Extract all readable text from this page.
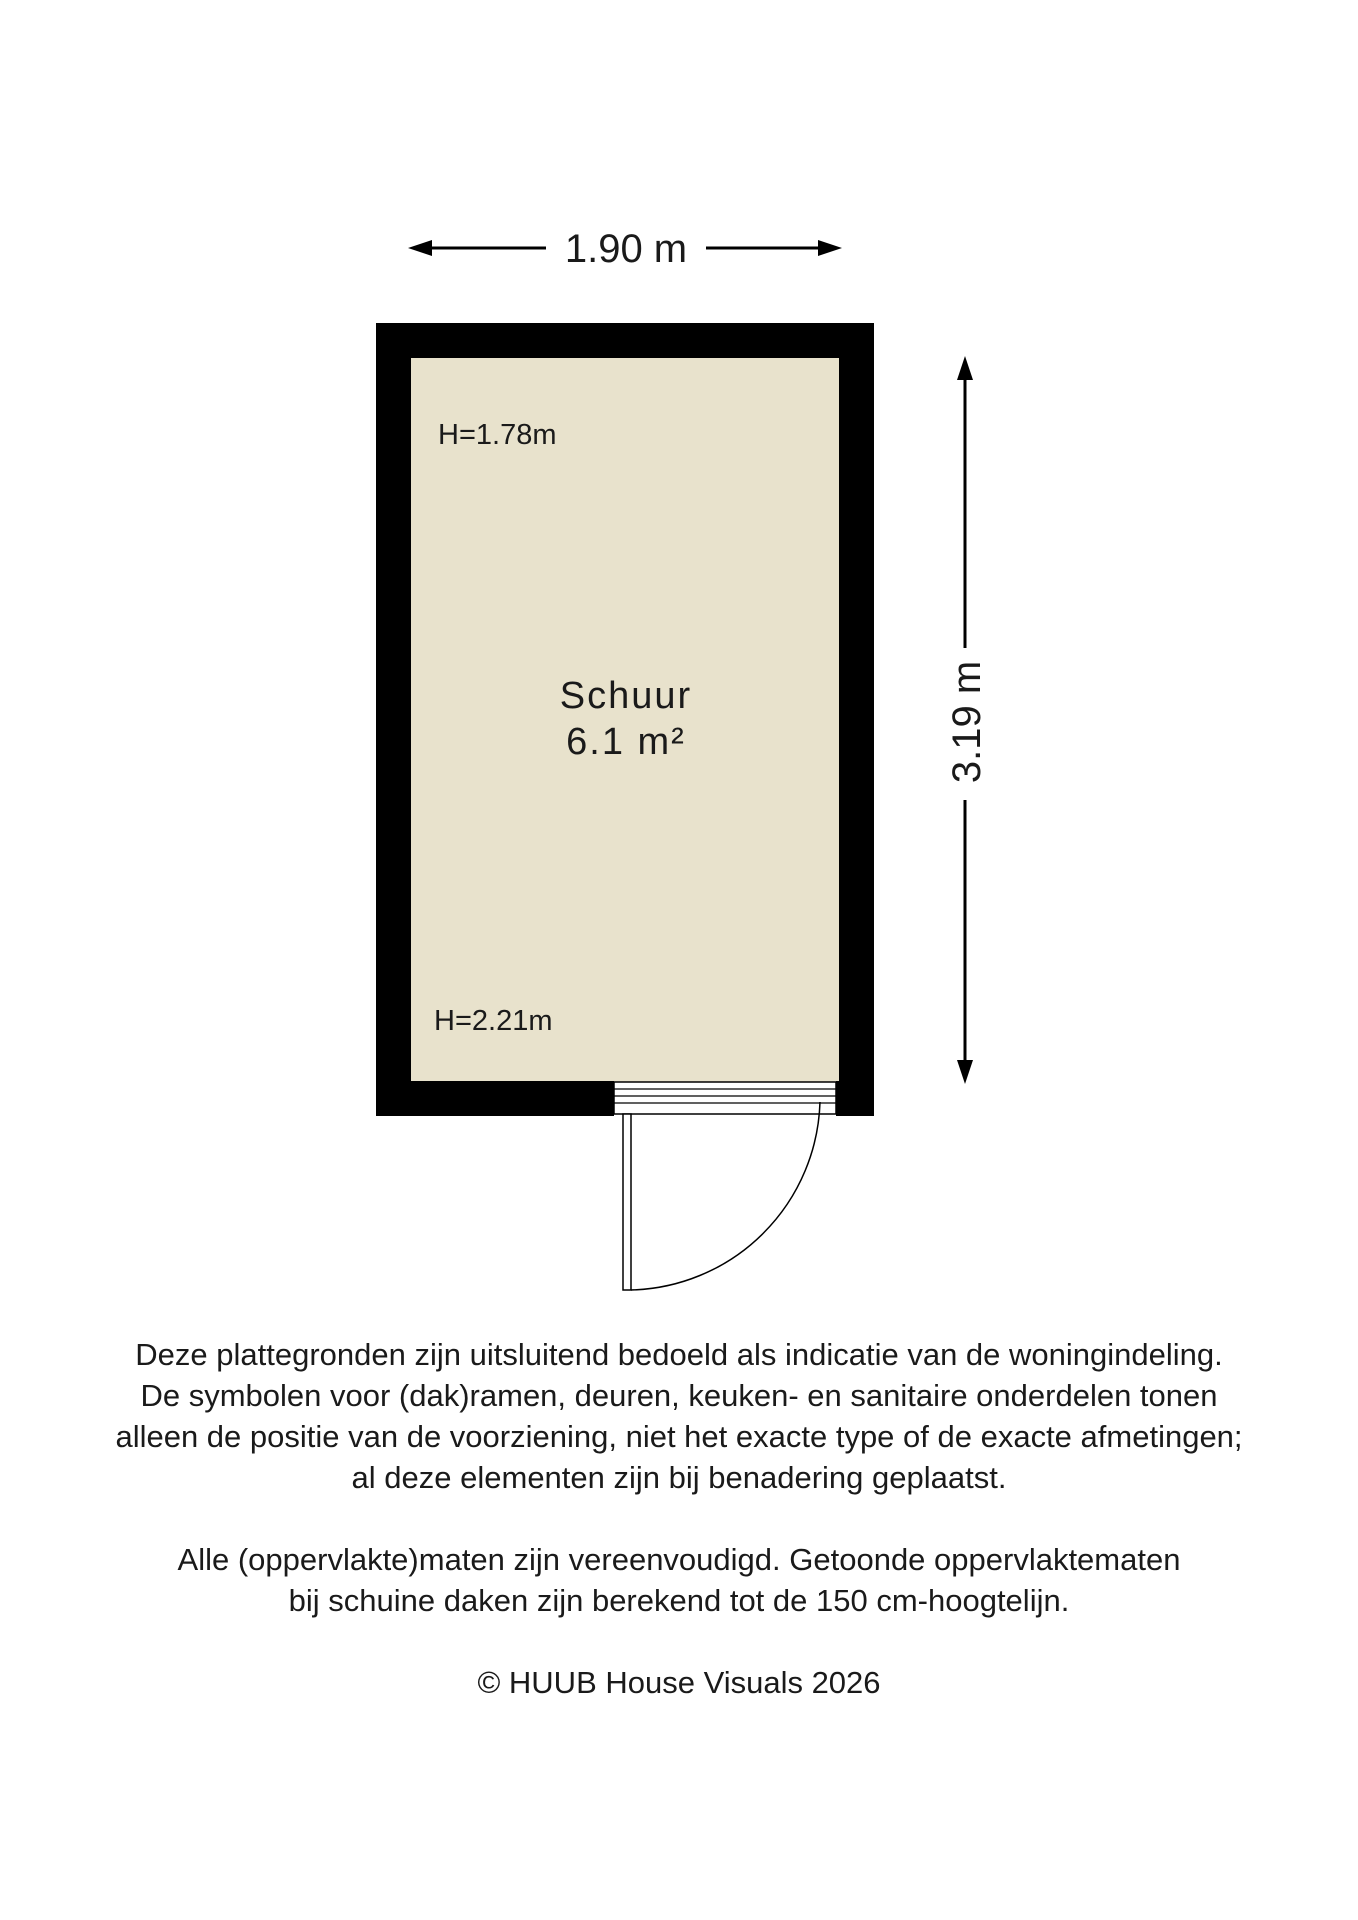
1.90 m
3.19 m
H=1.78m
Schuur
6.1 m²
H=2.21m

Deze plattegronden zijn uitsluitend bedoeld als indicatie van de woningindeling.
De symbolen voor (dak)ramen, deuren, keuken- en sanitaire onderdelen tonen
alleen de positie van de voorziening, niet het exacte type of de exacte afmetingen;
al deze elementen zijn bij benadering geplaatst.

Alle (oppervlakte)maten zijn vereenvoudigd. Getoonde oppervlaktematen
bij schuine daken zijn berekend tot de 150 cm-hoogtelijn.

© HUUB House Visuals 2026
